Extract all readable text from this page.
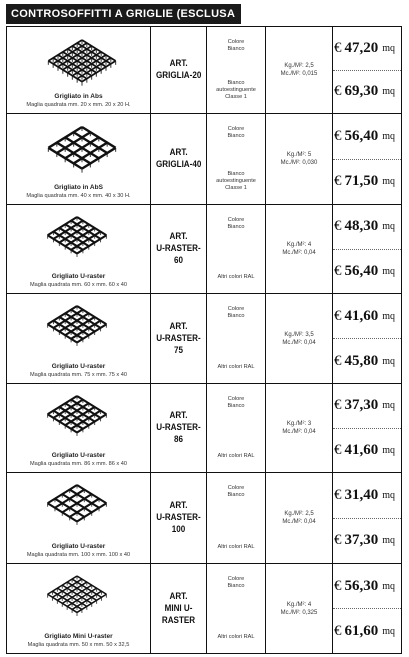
CONTROSOFFITTI A GRIGLIE (ESCLUSA POSA)
Grigliato in Abs
Maglia quadrata mm. 20 x mm. 20 x 20 H.
ART.
GRIGLIA-20
Colore
Bianco
Bianco
autoestinguente
Classe 1
Kg./M²: 2,5
Mc./M²: 0,015
€ 47,20 mq
€ 69,30 mq
Grigliato in AbS
Maglia quadrata mm. 40 x mm. 40 x 30 H.
ART.
GRIGLIA-40
Colore
Bianco
Bianco
autoestinguente
Classe 1
Kg./M²: 5
Mc./M²: 0,030
€ 56,40 mq
€ 71,50 mq
Grigliato U-raster
Maglia quadrata mm. 60 x mm. 60 x 40
ART.
U-RASTER-60
Colore
Bianco
Altri colori RAL
Kg./M²: 4
Mc./M²: 0,04
€ 48,30 mq
€ 56,40 mq
Grigliato U-raster
Maglia quadrata mm. 75 x mm. 75 x 40
ART.
U-RASTER-75
Colore
Bianco
Altri colori RAL
Kg./M²: 3,5
Mc./M²: 0,04
€ 41,60 mq
€ 45,80 mq
Grigliato U-raster
Maglia quadrata mm. 86 x mm. 86 x 40
ART.
U-RASTER-86
Colore
Bianco
Altri colori RAL
Kg./M²: 3
Mc./M²: 0,04
€ 37,30 mq
€ 41,60 mq
Grigliato U-raster
Maglia quadrata mm. 100 x mm. 100 x 40
ART.
U-RASTER-100
Colore
Bianco
Altri colori RAL
Kg./M²: 2,5
Mc./M²: 0,04
€ 31,40 mq
€ 37,30 mq
Grigliato Mini U-raster
Maglia quadrata mm. 50 x mm. 50 x 32,5
ART.
MINI U-RASTER
Colore
Bianco
Altri colori RAL
Kg./M²: 4
Mc./M²: 0,325
€ 56,30 mq
€ 61,60 mq
